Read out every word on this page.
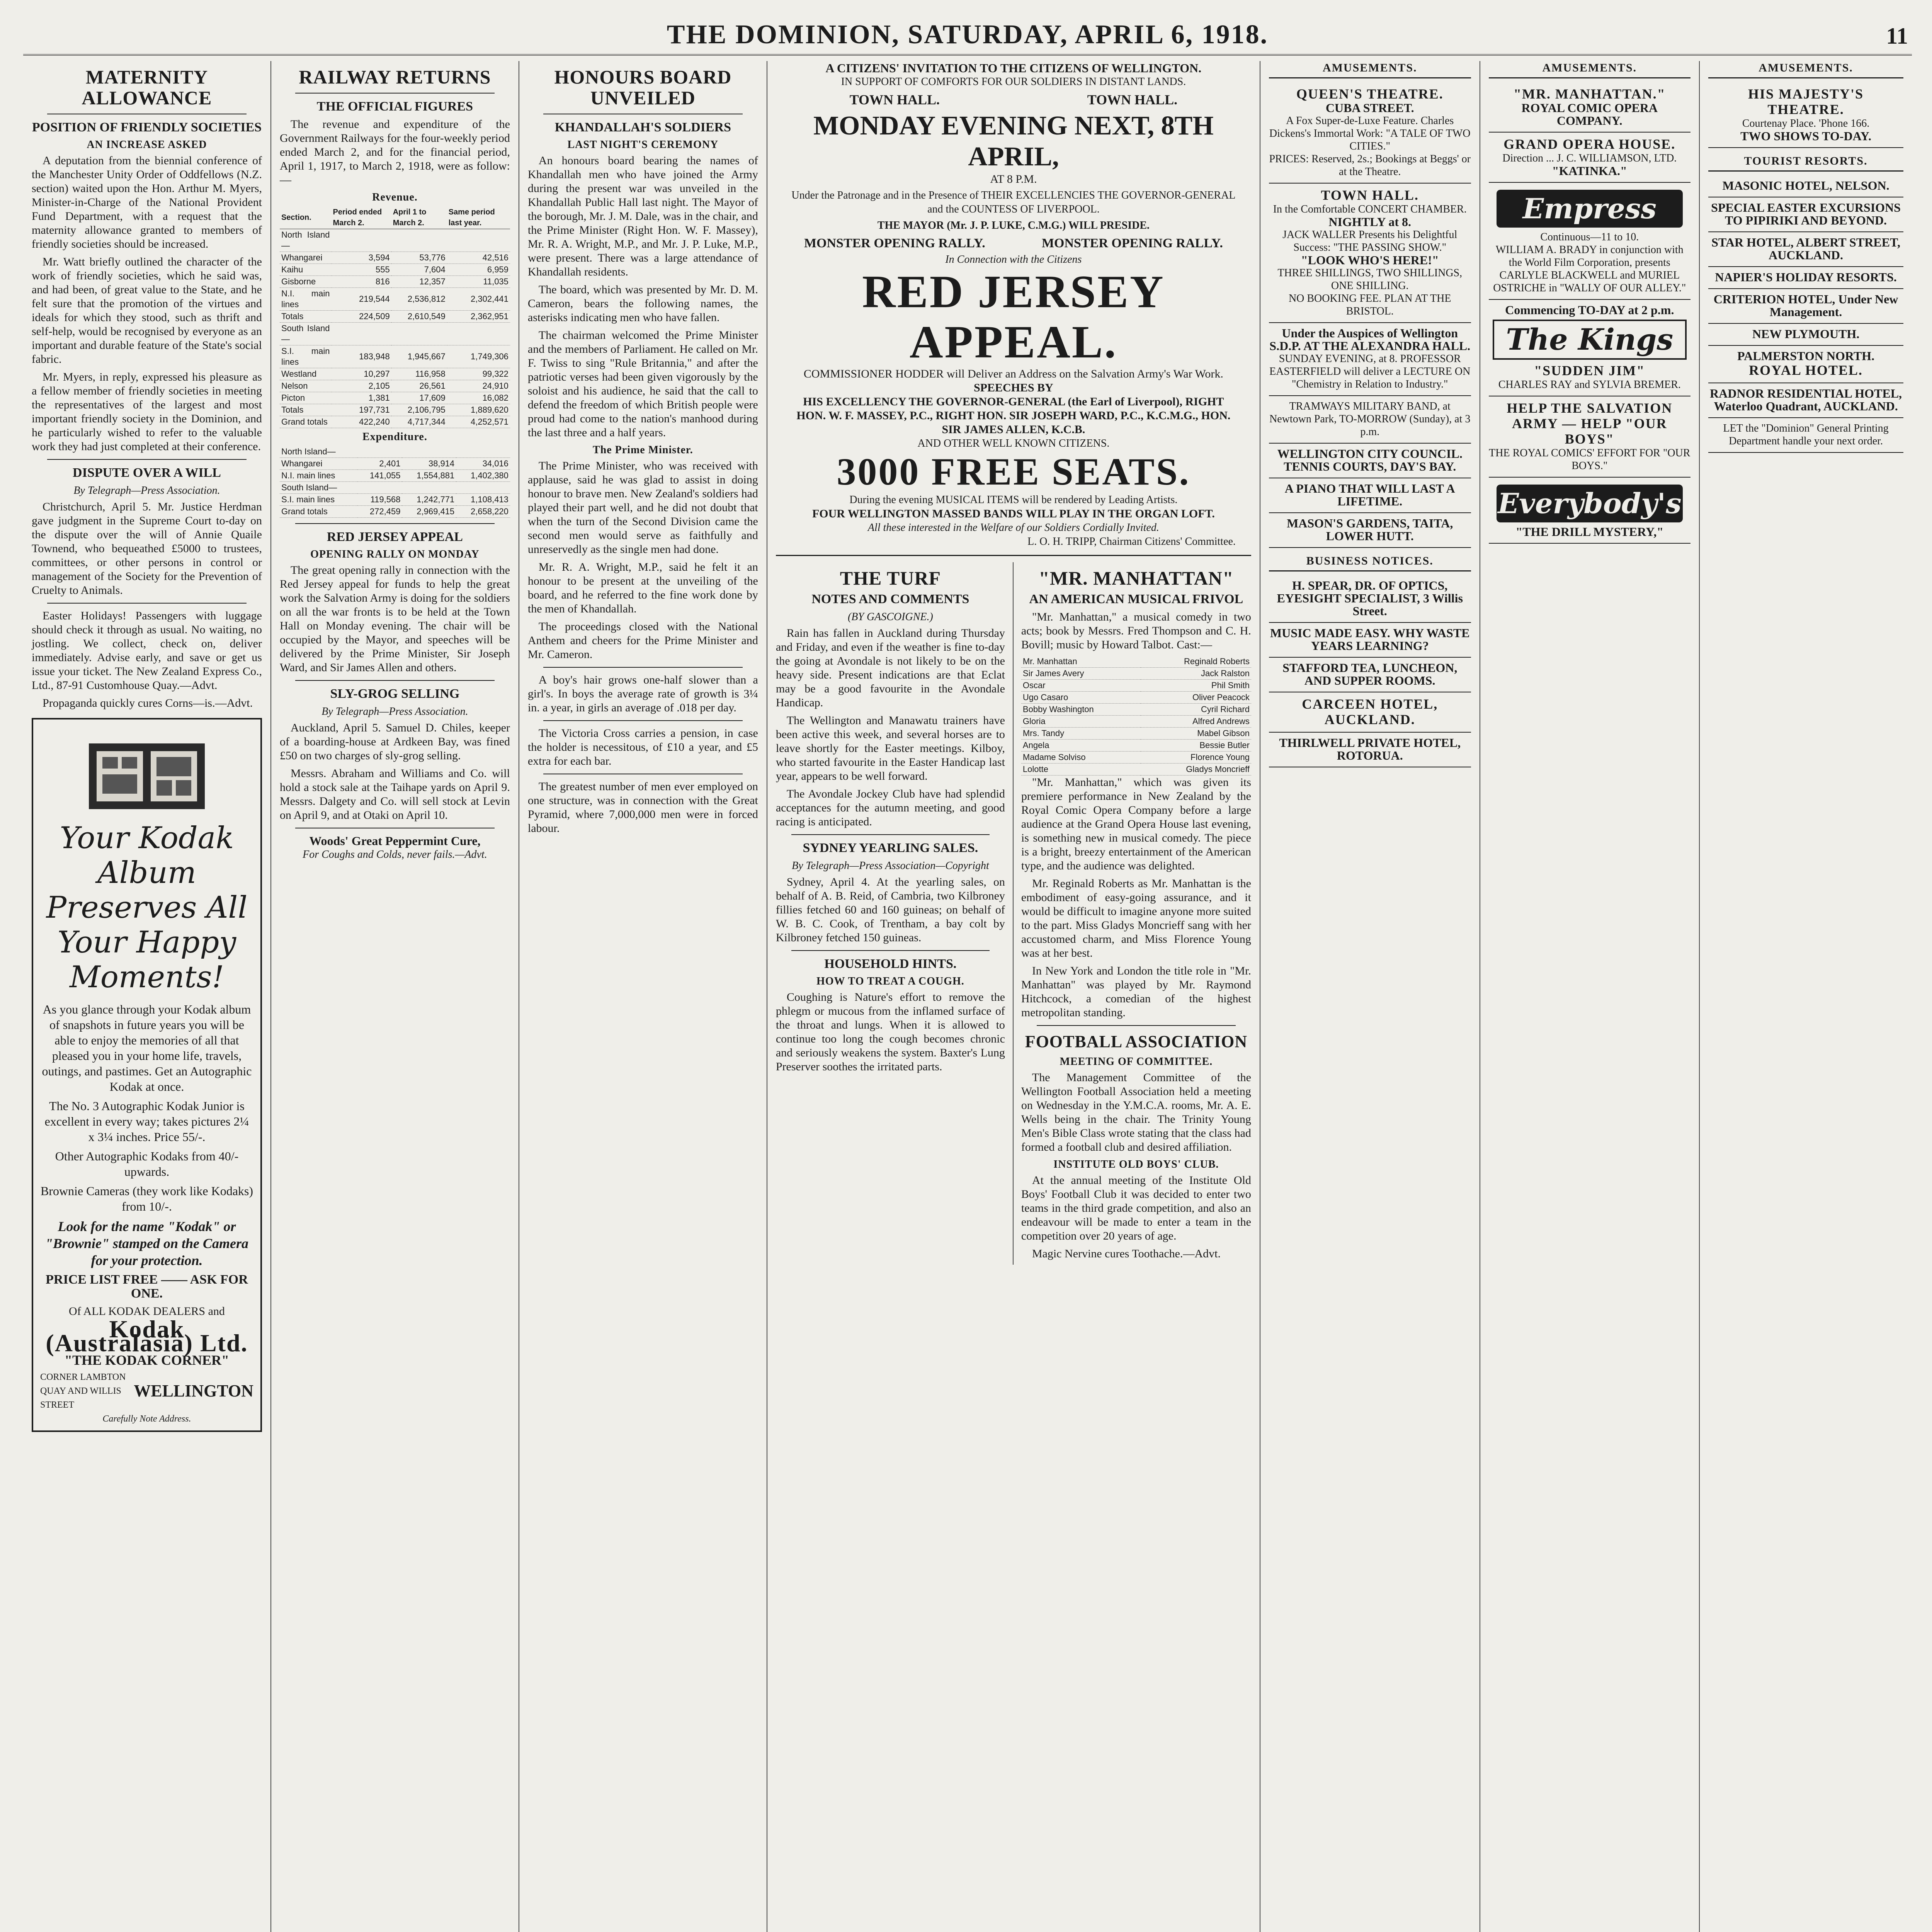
THE DOMINION, SATURDAY, APRIL 6, 1918.	11
MATERNITY ALLOWANCE
POSITION OF FRIENDLY SOCIETIES
AN INCREASE ASKED

A deputation from the biennial conference of the Manchester Unity Order of Oddfellows (N.Z. section) waited upon the Hon. Arthur M. Myers, Minister-in-Charge of the National Provident Fund Department, with a request that the maternity allowance granted to members of friendly societies should be increased.

Mr. Watt briefly outlined the character of the work of friendly societies, which he said was, and had been, of great value to the State, and he felt sure that the promotion of the virtues and ideals for which they stood, such as thrift and self-help, would be recognised by everyone as an important and durable feature of the State's social fabric.

Mr. Myers, in reply, expressed his pleasure as a fellow member of friendly societies in meeting the representatives of the largest and most important friendly society in the Dominion, and he particularly wished to refer to the valuable work they had just completed at their conference.

DISPUTE OVER A WILL
By Telegraph—Press Association.

Christchurch, April 5. Mr. Justice Herdman gave judgment in the Supreme Court to-day on the dispute over the will of Annie Quaile Townend, who bequeathed £5000 to trustees, committees, or other persons in control or management of the Society for the Prevention of Cruelty to Animals.

Easter Holidays! Passengers with luggage should check it through as usual. No waiting, no jostling. We collect, check on, deliver immediately. Advise early, and save or get us issue your ticket. The New Zealand Express Co., Ltd., 87-91 Customhouse Quay.—Advt.

Propaganda quickly cures Corns—is.—Advt.

Your Kodak Album
Preserves All
Your Happy Moments!

As you glance through your Kodak album of snapshots in future years you will be able to enjoy the memories of all that pleased you in your home life, travels, outings, and pastimes. Get an Autographic Kodak at once.

The No. 3 Autographic Kodak Junior is excellent in every way; takes pictures 2¼ x 3¼ inches. Price 55/-.

Other Autographic Kodaks from 40/- upwards.

Brownie Cameras (they work like Kodaks) from 10/-.

Look for the name "Kodak" or "Brownie" stamped on the Camera for your protection.

PRICE LIST FREE —— ASK FOR ONE.

Of ALL KODAK DEALERS and

Kodak (Australasia) Ltd.
"THE KODAK CORNER"
CORNER LAMBTON QUAY AND WILLIS STREET
WELLINGTON
Carefully Note Address.
RAILWAY RETURNS
THE OFFICIAL FIGURES

The revenue and expenditure of the Government Railways for the four-weekly period ended March 2, and for the financial period, April 1, 1917, to March 2, 1918, were as follow:—

Revenue.
Section.	Period ended March 2.	April 1 to March 2.	Same period last year.
North Island—			
Whangarei	3,594	53,776	42,516
Kaihu	555	7,604	6,959
Gisborne	816	12,357	11,035
N.I. main lines	219,544	2,536,812	2,302,441
Totals	224,509	2,610,549	2,362,951
South Island—			
S.I. main lines	183,948	1,945,667	1,749,306
Westland	10,297	116,958	99,322
Nelson	2,105	26,561	24,910
Picton	1,381	17,609	16,082
Totals	197,731	2,106,795	1,889,620
Grand totals	422,240	4,717,344	4,252,571
Expenditure.
North Island—			
Whangarei	2,401	38,914	34,016
N.I. main lines	141,055	1,554,881	1,402,380
South Island—			
S.I. main lines	119,568	1,242,771	1,108,413
Grand totals	272,459	2,969,415	2,658,220
RED JERSEY APPEAL
OPENING RALLY ON MONDAY

The great opening rally in connection with the Red Jersey appeal for funds to help the great work the Salvation Army is doing for the soldiers on all the war fronts is to be held at the Town Hall on Monday evening. The chair will be occupied by the Mayor, and speeches will be delivered by the Prime Minister, Sir Joseph Ward, and Sir James Allen and others.

SLY-GROG SELLING
By Telegraph—Press Association.

Auckland, April 5. Samuel D. Chiles, keeper of a boarding-house at Ardkeen Bay, was fined £50 on two charges of sly-grog selling.

Messrs. Abraham and Williams and Co. will hold a stock sale at the Taihape yards on April 9. Messrs. Dalgety and Co. will sell stock at Levin on April 9, and at Otaki on April 10.

Woods' Great Peppermint Cure,
For Coughs and Colds, never fails.—Advt.
HONOURS BOARD UNVEILED
KHANDALLAH'S SOLDIERS
LAST NIGHT'S CEREMONY

An honours board bearing the names of Khandallah men who have joined the Army during the present war was unveiled in the Khandallah Public Hall last night. The Mayor of the borough, Mr. J. M. Dale, was in the chair, and the Prime Minister (Right Hon. W. F. Massey), Mr. R. A. Wright, M.P., and Mr. J. P. Luke, M.P., were present. There was a large attendance of Khandallah residents.

The board, which was presented by Mr. D. M. Cameron, bears the following names, the asterisks indicating men who have fallen.

The chairman welcomed the Prime Minister and the members of Parliament. He called on Mr. F. Twiss to sing "Rule Britannia," and after the patriotic verses had been given vigorously by the soloist and his audience, he said that the call to defend the freedom of which British people were proud had come to the nation's manhood during the last three and a half years.

The Prime Minister.

The Prime Minister, who was received with applause, said he was glad to assist in doing honour to brave men. New Zealand's soldiers had played their part well, and he did not doubt that when the turn of the Second Division came the second men would serve as faithfully and unreservedly as the single men had done.

Mr. R. A. Wright, M.P., said he felt it an honour to be present at the unveiling of the board, and he referred to the fine work done by the men of Khandallah.

The proceedings closed with the National Anthem and cheers for the Prime Minister and Mr. Cameron.

A boy's hair grows one-half slower than a girl's. In boys the average rate of growth is 3¼ in. a year, in girls an average of .018 per day.

The Victoria Cross carries a pension, in case the holder is necessitous, of £10 a year, and £5 extra for each bar.

The greatest number of men ever employed on one structure, was in connection with the Great Pyramid, where 7,000,000 men were in forced labour.

A CITIZENS' INVITATION TO THE CITIZENS OF WELLINGTON.
IN SUPPORT OF COMFORTS FOR OUR SOLDIERS IN DISTANT LANDS.
TOWN HALL.	TOWN HALL.
MONDAY EVENING NEXT, 8TH APRIL,
AT 8 P.M.
Under the Patronage and in the Presence of THEIR EXCELLENCIES THE GOVERNOR-GENERAL and the COUNTESS OF LIVERPOOL.
THE MAYOR (Mr. J. P. LUKE, C.M.G.) WILL PRESIDE.
MONSTER OPENING RALLY.	MONSTER OPENING RALLY.
In Connection with the Citizens
RED JERSEY APPEAL.
COMMISSIONER HODDER will Deliver an Address on the Salvation Army's War Work.
SPEECHES BY
HIS EXCELLENCY THE GOVERNOR-GENERAL (the Earl of Liverpool), RIGHT HON. W. F. MASSEY, P.C., RIGHT HON. SIR JOSEPH WARD, P.C., K.C.M.G., HON. SIR JAMES ALLEN, K.C.B.
AND OTHER WELL KNOWN CITIZENS.
3000 FREE SEATS.
During the evening MUSICAL ITEMS will be rendered by Leading Artists.
FOUR WELLINGTON MASSED BANDS WILL PLAY IN THE ORGAN LOFT.
All these interested in the Welfare of our Soldiers Cordially Invited.
L. O. H. TRIPP, Chairman Citizens' Committee.
THE TURF
NOTES AND COMMENTS
(BY GASCOIGNE.)

Rain has fallen in Auckland during Thursday and Friday, and even if the weather is fine to-day the going at Avondale is not likely to be on the heavy side. Present indications are that Eclat may be a good favourite in the Avondale Handicap.

The Wellington and Manawatu trainers have been active this week, and several horses are to leave shortly for the Easter meetings. Kilboy, who started favourite in the Easter Handicap last year, appears to be well forward.

The Avondale Jockey Club have had splendid acceptances for the autumn meeting, and good racing is anticipated.

SYDNEY YEARLING SALES.
By Telegraph—Press Association—Copyright

Sydney, April 4. At the yearling sales, on behalf of A. B. Reid, of Cambria, two Kilbroney fillies fetched 60 and 160 guineas; on behalf of W. B. C. Cook, of Trentham, a bay colt by Kilbroney fetched 150 guineas.

HOUSEHOLD HINTS.
HOW TO TREAT A COUGH.

Coughing is Nature's effort to remove the phlegm or mucous from the inflamed surface of the throat and lungs. When it is allowed to continue too long the cough becomes chronic and seriously weakens the system. Baxter's Lung Preserver soothes the irritated parts.

"MR. MANHATTAN"
AN AMERICAN MUSICAL FRIVOL

"Mr. Manhattan," a musical comedy in two acts; book by Messrs. Fred Thompson and C. H. Bovill; music by Howard Talbot. Cast:—

Mr. Manhattan	Reginald Roberts
Sir James Avery	Jack Ralston
Oscar	Phil Smith
Ugo Casaro	Oliver Peacock
Bobby Washington	Cyril Richard
Gloria	Alfred Andrews
Mrs. Tandy	Mabel Gibson
Angela	Bessie Butler
Madame Solviso	Florence Young
Lolotte	Gladys Moncrieff

"Mr. Manhattan," which was given its premiere performance in New Zealand by the Royal Comic Opera Company before a large audience at the Grand Opera House last evening, is something new in musical comedy. The piece is a bright, breezy entertainment of the American type, and the audience was delighted.

Mr. Reginald Roberts as Mr. Manhattan is the embodiment of easy-going assurance, and it would be difficult to imagine anyone more suited to the part. Miss Gladys Moncrieff sang with her accustomed charm, and Miss Florence Young was at her best.

In New York and London the title role in "Mr. Manhattan" was played by Mr. Raymond Hitchcock, a comedian of the highest metropolitan standing.

FOOTBALL ASSOCIATION
MEETING OF COMMITTEE.

The Management Committee of the Wellington Football Association held a meeting on Wednesday in the Y.M.C.A. rooms, Mr. A. E. Wells being in the chair. The Trinity Young Men's Bible Class wrote stating that the class had formed a football club and desired affiliation.

INSTITUTE OLD BOYS' CLUB.

At the annual meeting of the Institute Old Boys' Football Club it was decided to enter two teams in the third grade competition, and also an endeavour will be made to enter a team in the competition over 20 years of age.

Magic Nervine cures Toothache.—Advt.

AMUSEMENTS.
QUEEN'S THEATRE.
CUBA STREET.
A Fox Super-de-Luxe Feature. Charles Dickens's Immortal Work: "A TALE OF TWO CITIES."
PRICES: Reserved, 2s.; Bookings at Beggs' or at the Theatre.
TOWN HALL.
In the Comfortable CONCERT CHAMBER.
NIGHTLY at 8.
JACK WALLER Presents his Delightful Success: "THE PASSING SHOW."
"LOOK WHO'S HERE!"
THREE SHILLINGS, TWO SHILLINGS, ONE SHILLING.
NO BOOKING FEE. PLAN AT THE BRISTOL.
Under the Auspices of Wellington S.D.P. AT THE ALEXANDRA HALL.
SUNDAY EVENING, at 8. PROFESSOR EASTERFIELD will deliver a LECTURE ON "Chemistry in Relation to Industry."
TRAMWAYS MILITARY BAND, at Newtown Park, TO-MORROW (Sunday), at 3 p.m.
WELLINGTON CITY COUNCIL. TENNIS COURTS, DAY'S BAY.
A PIANO THAT WILL LAST A LIFETIME.
MASON'S GARDENS, TAITA, LOWER HUTT.
BUSINESS NOTICES.
H. SPEAR, DR. OF OPTICS, EYESIGHT SPECIALIST, 3 Willis Street.
MUSIC MADE EASY. WHY WASTE YEARS LEARNING?
STAFFORD TEA, LUNCHEON, AND SUPPER ROOMS.
CARCEEN HOTEL, AUCKLAND.
THIRLWELL PRIVATE HOTEL, ROTORUA.
AMUSEMENTS.
"MR. MANHATTAN."
ROYAL COMIC OPERA COMPANY.
GRAND OPERA HOUSE.
Direction ... J. C. WILLIAMSON, LTD.
"KATINKA."
Empress
Continuous—11 to 10.
WILLIAM A. BRADY in conjunction with the World Film Corporation, presents CARLYLE BLACKWELL and MURIEL OSTRICHE in "WALLY OF OUR ALLEY."
Commencing TO-DAY at 2 p.m.
The Kings
"SUDDEN JIM"
CHARLES RAY and SYLVIA BREMER.
HELP THE SALVATION ARMY — HELP "OUR BOYS"
THE ROYAL COMICS' EFFORT FOR "OUR BOYS."
Everybody's
"THE DRILL MYSTERY,"
AMUSEMENTS.
HIS MAJESTY'S THEATRE.
Courtenay Place. 'Phone 166.
TWO SHOWS TO-DAY.
TOURIST RESORTS.
MASONIC HOTEL, NELSON.
SPECIAL EASTER EXCURSIONS TO PIPIRIKI AND BEYOND.
STAR HOTEL, ALBERT STREET, AUCKLAND.
NAPIER'S HOLIDAY RESORTS.
CRITERION HOTEL, Under New Management.
NEW PLYMOUTH.
PALMERSTON NORTH.
ROYAL HOTEL.
RADNOR RESIDENTIAL HOTEL, Waterloo Quadrant, AUCKLAND.
LET the "Dominion" General Printing Department handle your next order.
